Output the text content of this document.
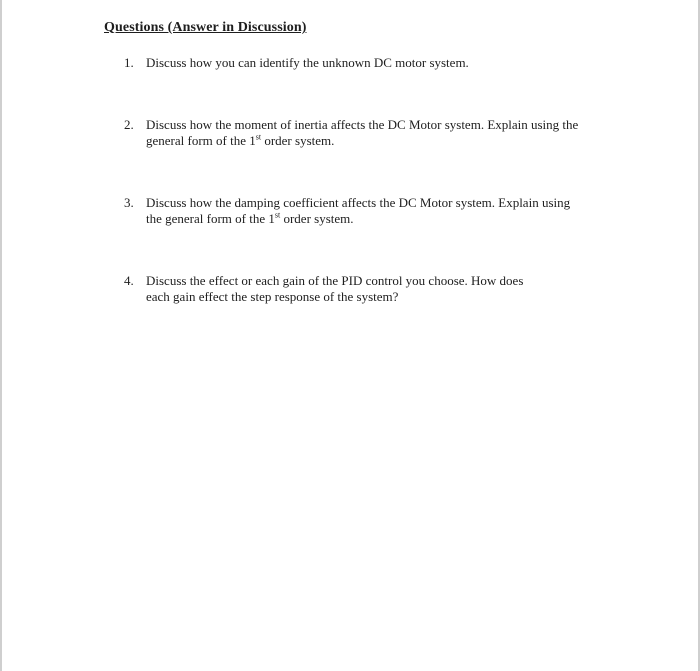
Questions (Answer in Discussion)
1. Discuss how you can identify the unknown DC motor system.
2. Discuss how the moment of inertia affects the DC Motor system. Explain using the
general form of the 1st order system.
3. Discuss how the damping coefficient affects the DC Motor system. Explain using
the general form of the 1st order system.
4. Discuss the effect or each gain of the PID control you choose. How does
each gain effect the step response of the system?
